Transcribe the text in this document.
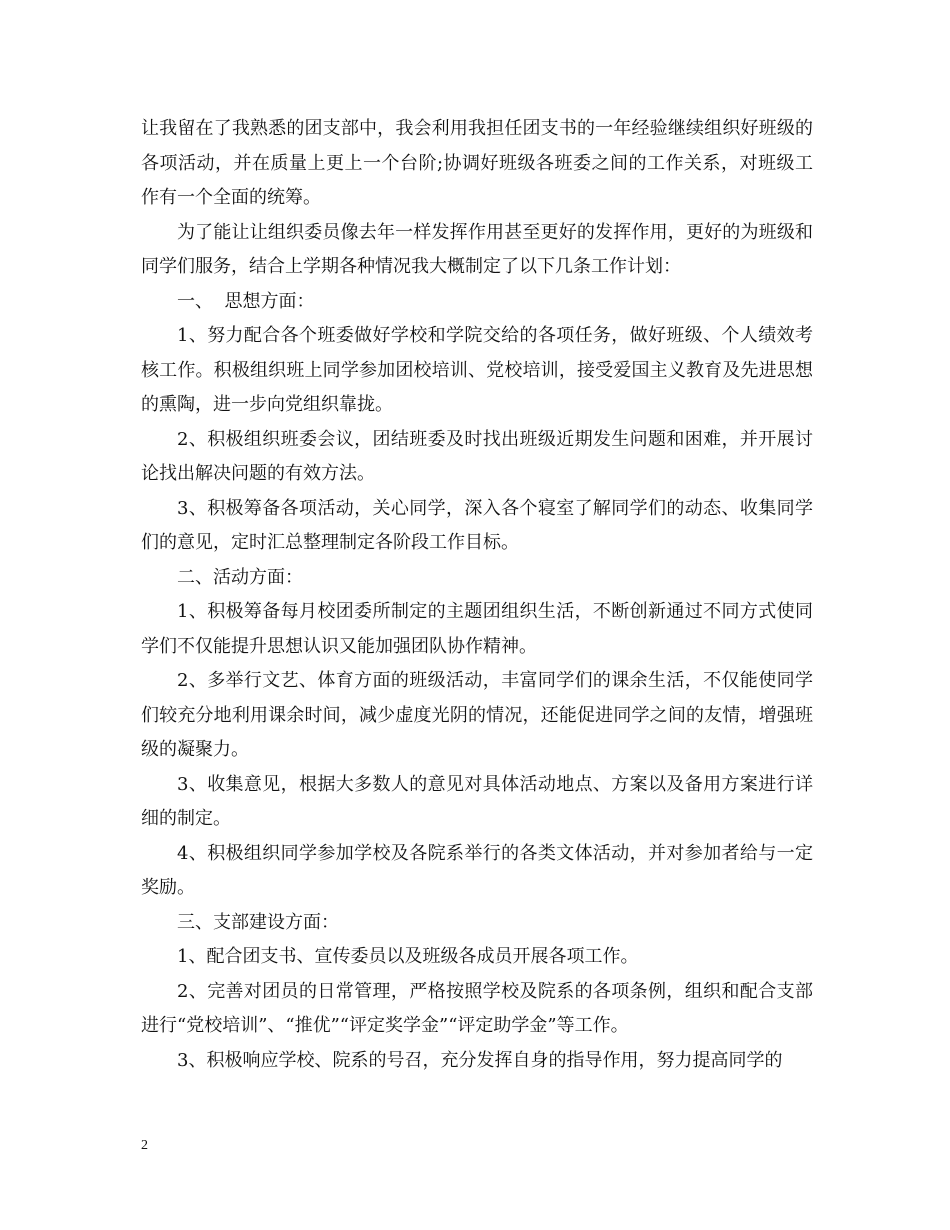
让我留在了我熟悉的团支部中，我会利用我担任团支书的一年经验继续组织好班级的各项活动，并在质量上更上一个台阶;协调好班级各班委之间的工作关系，对班级工作有一个全面的统筹。

为了能让让组织委员像去年一样发挥作用甚至更好的发挥作用，更好的为班级和同学们服务，结合上学期各种情况我大概制定了以下几条工作计划：

一、  思想方面：

1、努力配合各个班委做好学校和学院交给的各项任务，做好班级、个人绩效考核工作。积极组织班上同学参加团校培训、党校培训，接受爱国主义教育及先进思想的熏陶，进一步向党组织靠拢。

2、积极组织班委会议，团结班委及时找出班级近期发生问题和困难，并开展讨论找出解决问题的有效方法。

3、积极筹备各项活动，关心同学，深入各个寝室了解同学们的动态、收集同学们的意见，定时汇总整理制定各阶段工作目标。

二、活动方面：

1、积极筹备每月校团委所制定的主题团组织生活，不断创新通过不同方式使同学们不仅能提升思想认识又能加强团队协作精神。

2、多举行文艺、体育方面的班级活动，丰富同学们的课余生活，不仅能使同学们较充分地利用课余时间，减少虚度光阴的情况，还能促进同学之间的友情，增强班级的凝聚力。

3、收集意见，根据大多数人的意见对具体活动地点、方案以及备用方案进行详细的制定。

4、积极组织同学参加学校及各院系举行的各类文体活动，并对参加者给与一定奖励。

三、支部建设方面：

1、配合团支书、宣传委员以及班级各成员开展各项工作。

2、完善对团员的日常管理，严格按照学校及院系的各项条例，组织和配合支部进行“党校培训”、“推优”“评定奖学金”“评定助学金”等工作。

3、积极响应学校、院系的号召，充分发挥自身的指导作用，努力提高同学的

2
